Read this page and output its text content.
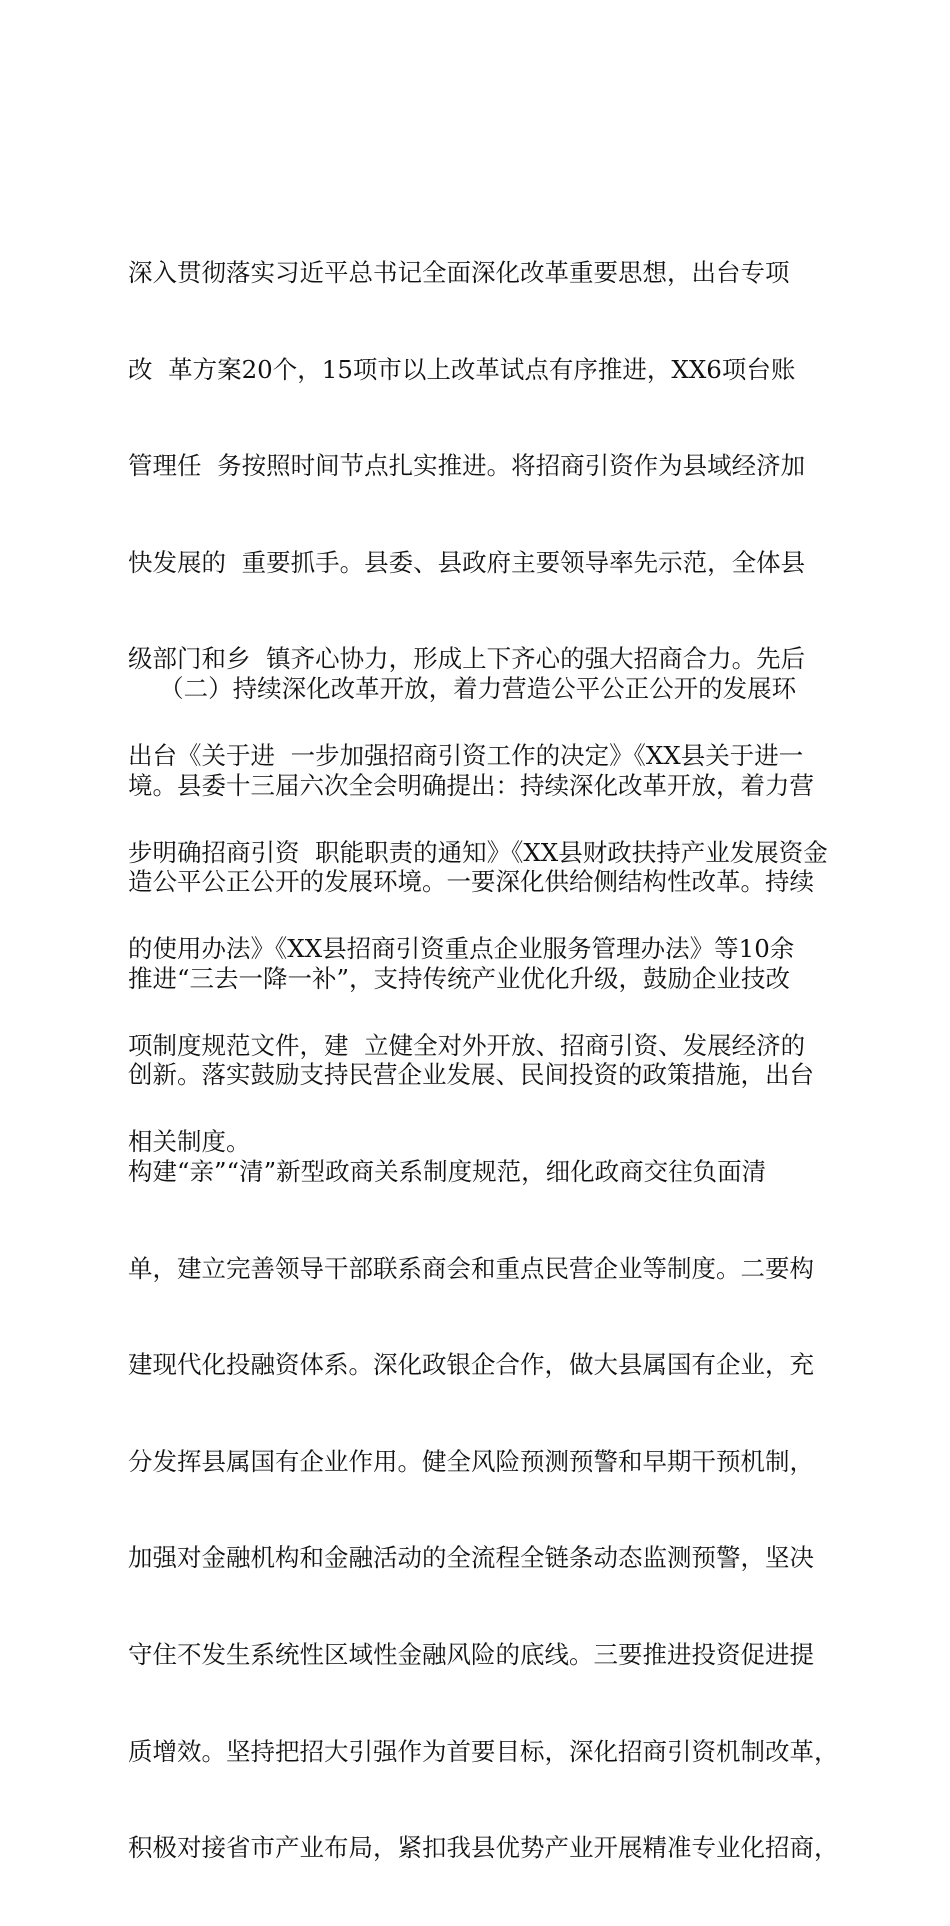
深入贯彻落实习近平总书记全面深化改革重要思想，出台专项

改  革方案20个，15项市以上改革试点有序推进，XX6项台账

管理任  务按照时间节点扎实推进。将招商引资作为县域经济加

快发展的  重要抓手。县委、县政府主要领导率先示范，全体县

级部门和乡  镇齐心协力，形成上下齐心的强大招商合力。先后

出台《关于进  一步加强招商引资工作的决定》《XX县关于进一

步明确招商引资  职能职责的通知》《XX县财政扶持产业发展资金

的使用办法》《XX县招商引资重点企业服务管理办法》等10余

项制度规范文件，建  立健全对外开放、招商引资、发展经济的

相关制度。

（二）持续深化改革开放，着力营造公平公正公开的发展环

境。县委十三届六次全会明确提出：持续深化改革开放，着力营

造公平公正公开的发展环境。一要深化供给侧结构性改革。持续

推进“三去一降一补”，支持传统产业优化升级，鼓励企业技改

创新。落实鼓励支持民营企业发展、民间投资的政策措施，出台

构建“亲”“清”新型政商关系制度规范，细化政商交往负面清

单，建立完善领导干部联系商会和重点民营企业等制度。二要构

建现代化投融资体系。深化政银企合作，做大县属国有企业，充

分发挥县属国有企业作用。健全风险预测预警和早期干预机制，

加强对金融机构和金融活动的全流程全链条动态监测预警，坚决

守住不发生系统性区域性金融风险的底线。三要推进投资促进提

质增效。坚持把招大引强作为首要目标，深化招商引资机制改革，

积极对接省市产业布局，紧扣我县优势产业开展精准专业化招商，
